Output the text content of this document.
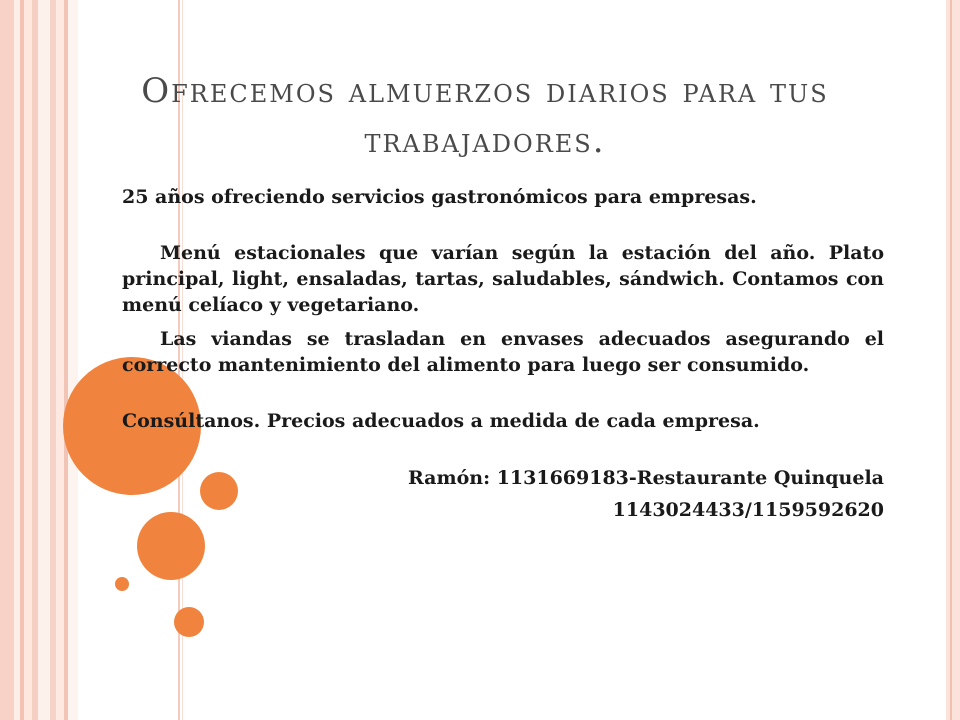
Ofrecemos almuerzos diarios para tus trabajadores.

25 años ofreciendo servicios gastronómicos para empresas.

Menú estacionales que varían según la estación del año. Plato principal, light, ensaladas, tartas, saludables, sándwich. Contamos con menú celíaco y vegetariano.

Las viandas se trasladan en envases adecuados asegurando el correcto mantenimiento del alimento para luego ser consumido.

Consúltanos. Precios adecuados a medida de cada empresa.

Ramón: 1131669183-Restaurante Quinquela
1143024433/1159592620
